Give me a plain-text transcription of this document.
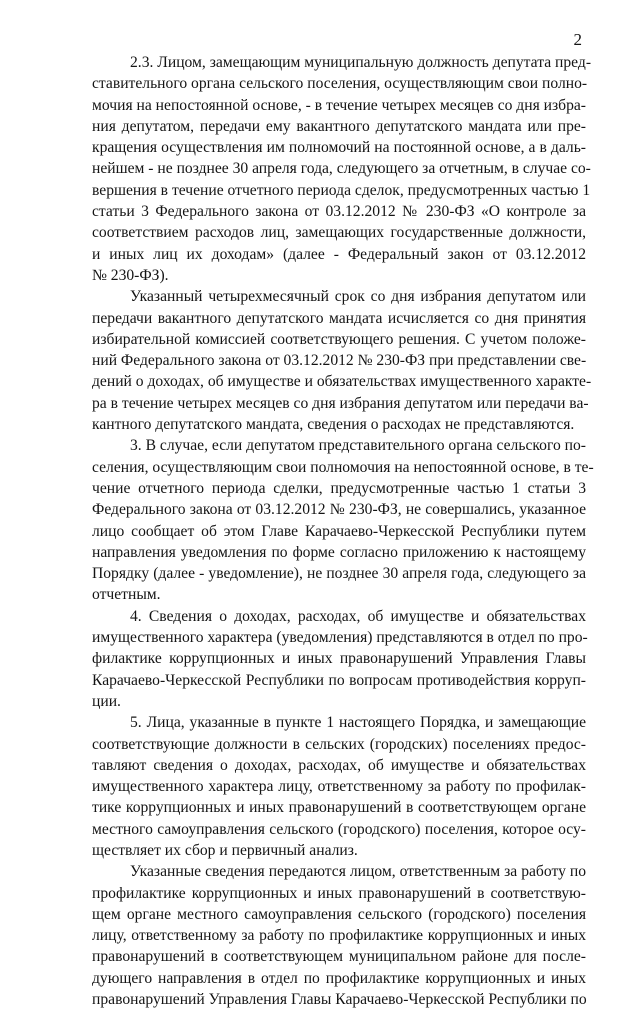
2
2.3. Лицом, замещающим муниципальную должность депутата пред-
ставительного органа сельского поселения, осуществляющим свои полно-
мочия на непостоянной основе, - в течение четырех месяцев со дня избра-
ния депутатом, передачи ему вакантного депутатского мандата или пре-
кращения осуществления им полномочий на постоянной основе, а в даль-
нейшем - не позднее 30 апреля года, следующего за отчетным, в случае со-
вершения в течение отчетного периода сделок, предусмотренных частью 1
статьи 3 Федерального закона от 03.12.2012 № 230-ФЗ «О контроле за
соответствием расходов лиц, замещающих государственные должности,
и иных лиц их доходам» (далее - Федеральный закон от 03.12.2012
№ 230-ФЗ).
Указанный четырехмесячный срок со дня избрания депутатом или
передачи вакантного депутатского мандата исчисляется со дня принятия
избирательной комиссией соответствующего решения. С учетом положе-
ний Федерального закона от 03.12.2012 № 230-ФЗ при представлении све-
дений о доходах, об имуществе и обязательствах имущественного характе-
ра в течение четырех месяцев со дня избрания депутатом или передачи ва-
кантного депутатского мандата, сведения о расходах не представляются.
3. В случае, если депутатом представительного органа сельского по-
селения, осуществляющим свои полномочия на непостоянной основе, в те-
чение отчетного периода сделки, предусмотренные частью 1 статьи 3
Федерального закона от 03.12.2012 № 230-ФЗ, не совершались, указанное
лицо сообщает об этом Главе Карачаево-Черкесской Республики путем
направления уведомления по форме согласно приложению к настоящему
Порядку (далее - уведомление), не позднее 30 апреля года, следующего за
отчетным.
4. Сведения о доходах, расходах, об имуществе и обязательствах
имущественного характера (уведомления) представляются в отдел по про-
филактике коррупционных и иных правонарушений Управления Главы
Карачаево-Черкесской Республики по вопросам противодействия корруп-
ции.
5. Лица, указанные в пункте 1 настоящего Порядка, и замещающие
соответствующие должности в сельских (городских) поселениях предос-
тавляют сведения о доходах, расходах, об имуществе и обязательствах
имущественного характера лицу, ответственному за работу по профилак-
тике коррупционных и иных правонарушений в соответствующем органе
местного самоуправления сельского (городского) поселения, которое осу-
ществляет их сбор и первичный анализ.
Указанные сведения передаются лицом, ответственным за работу по
профилактике коррупционных и иных правонарушений в соответствую-
щем органе местного самоуправления сельского (городского) поселения
лицу, ответственному за работу по профилактике коррупционных и иных
правонарушений в соответствующем муниципальном районе для после-
дующего направления в отдел по профилактике коррупционных и иных
правонарушений Управления Главы Карачаево-Черкесской Республики по
